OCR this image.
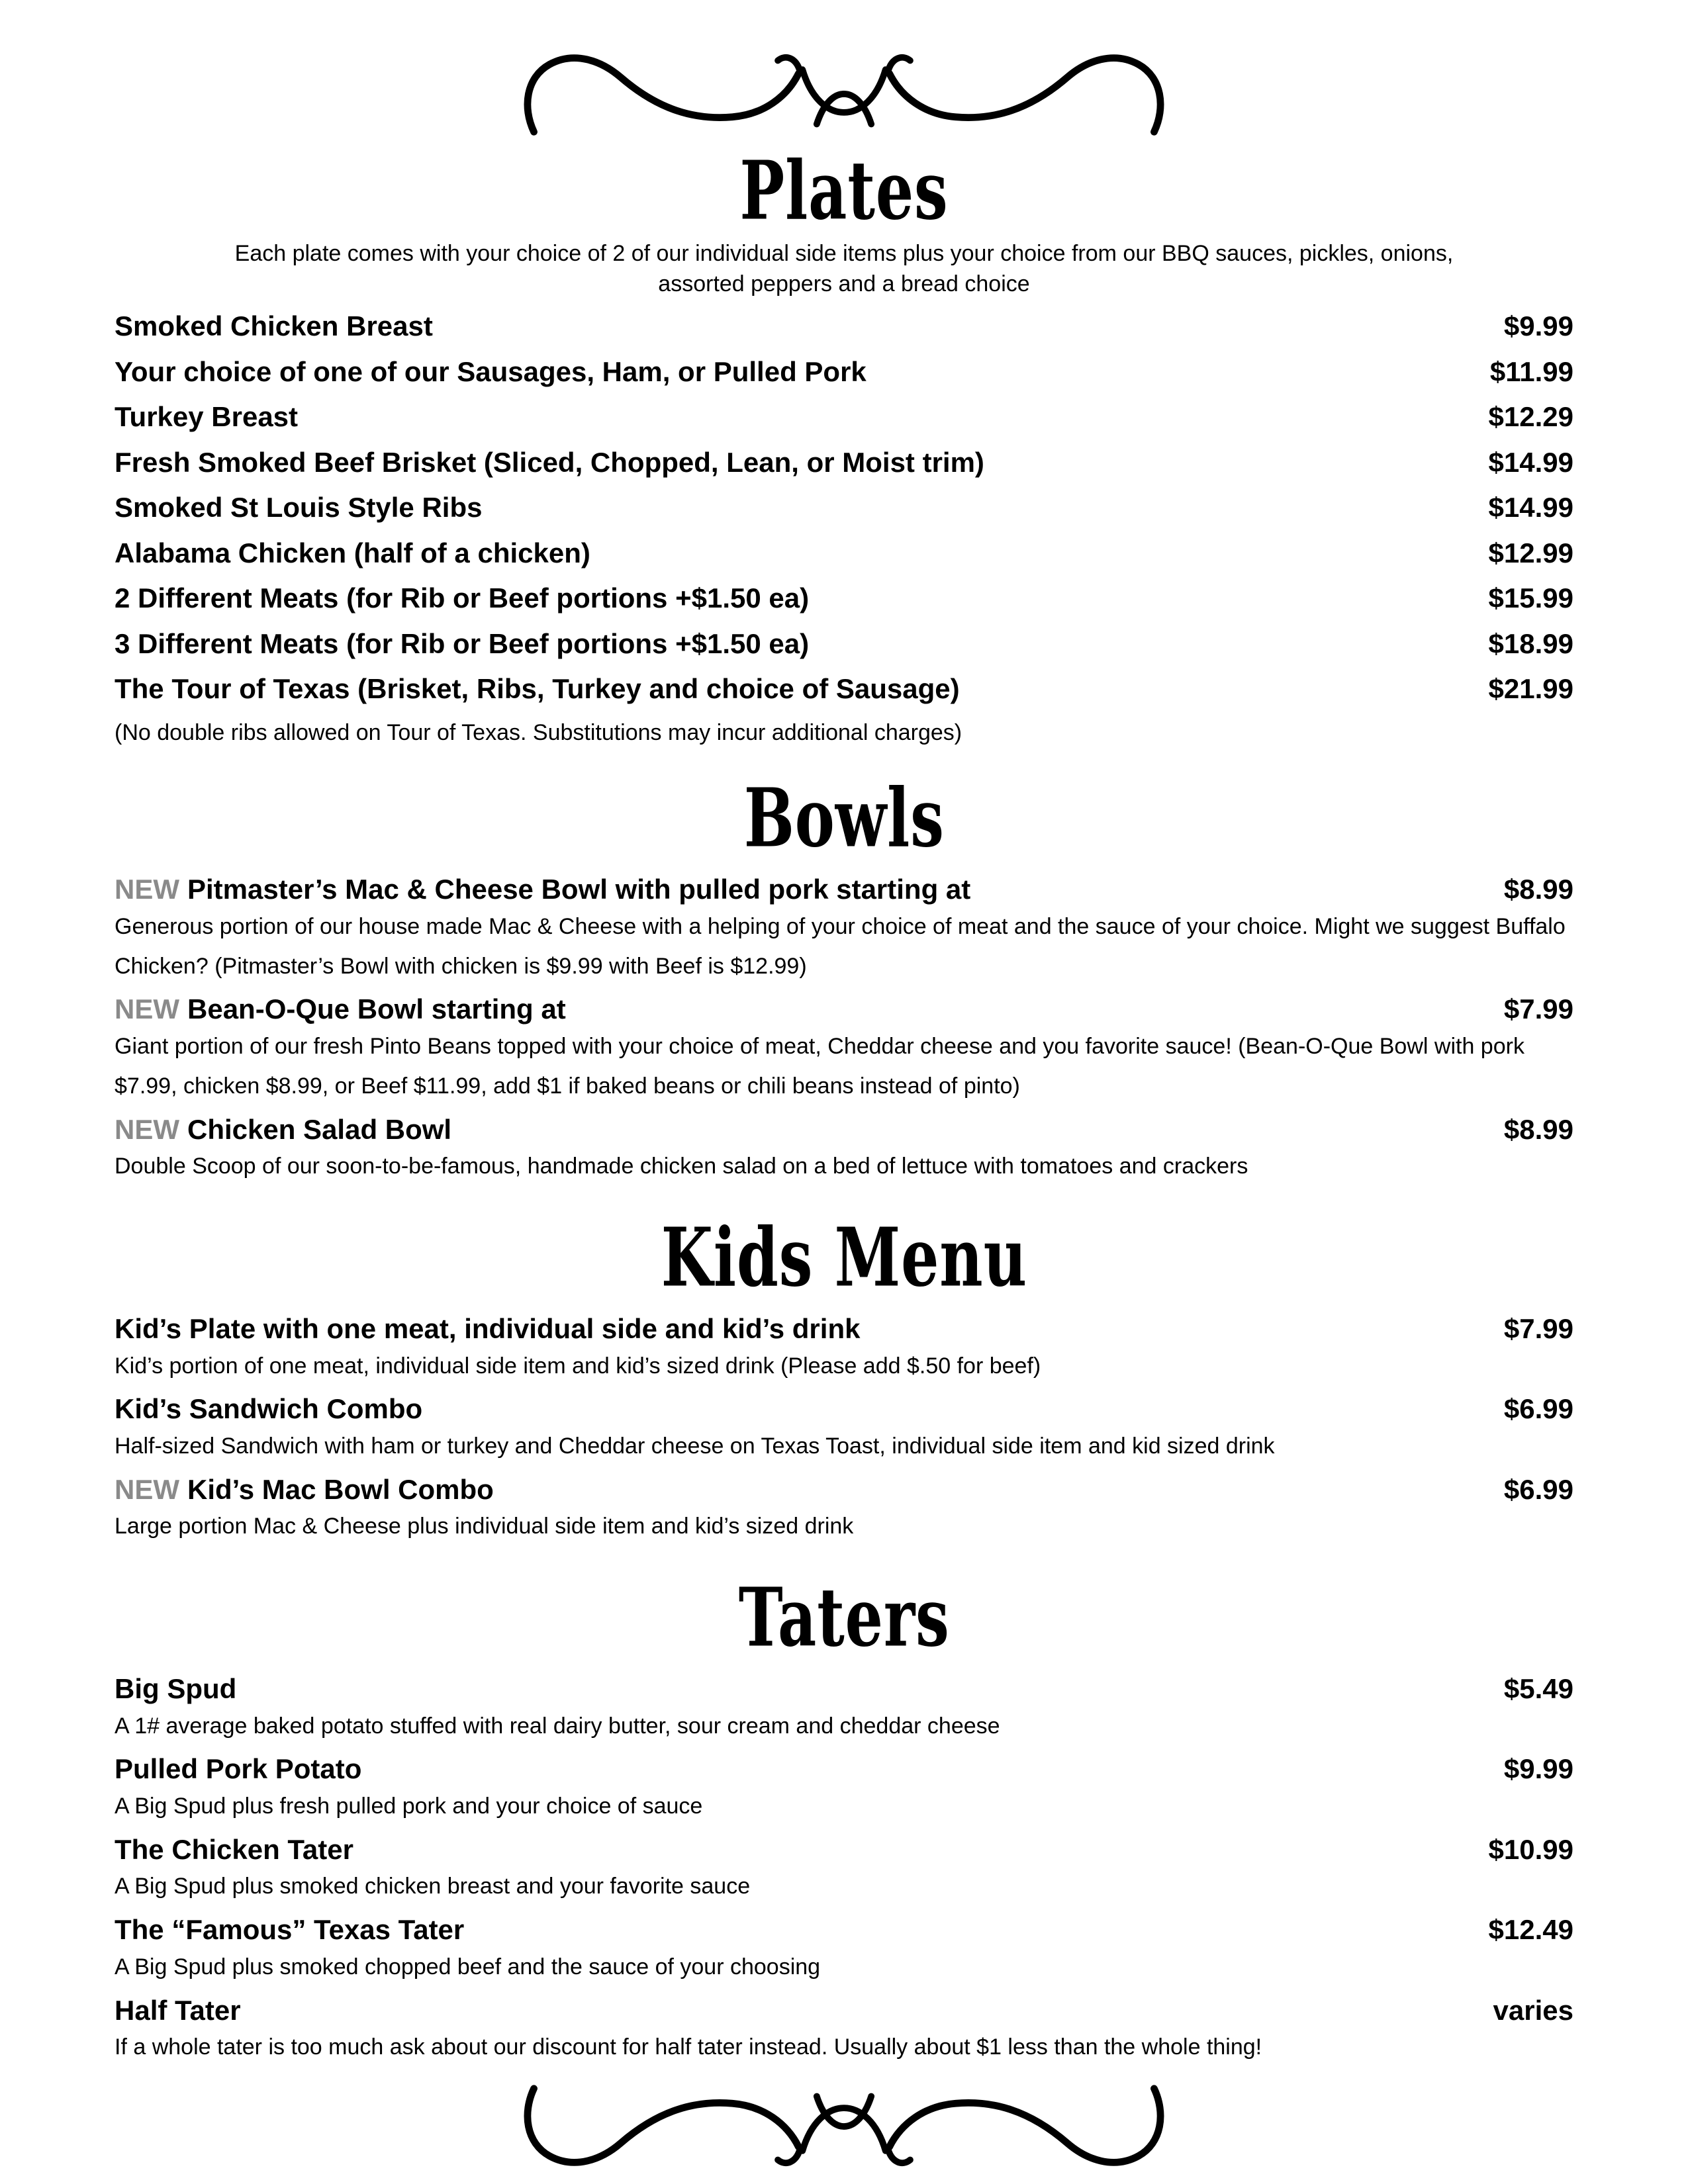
Plates

Each plate comes with your choice of 2 of our individual side items plus your choice from our BBQ sauces, pickles, onions, assorted peppers and a bread choice

Smoked Chicken Breast	$9.99
Your choice of one of our Sausages, Ham, or Pulled Pork	$11.99
Turkey Breast	$12.29
Fresh Smoked Beef Brisket (Sliced, Chopped, Lean, or Moist trim)	$14.99
Smoked St Louis Style Ribs	$14.99
Alabama Chicken (half of a chicken)	$12.99
2 Different Meats (for Rib or Beef portions +$1.50 ea)	$15.99
3 Different Meats (for Rib or Beef portions +$1.50 ea)	$18.99
The Tour of Texas (Brisket, Ribs, Turkey and choice of Sausage)	$21.99

(No double ribs allowed on Tour of Texas. Substitutions may incur additional charges)

Bowls
NEW Pitmaster’s Mac & Cheese Bowl with pulled pork starting at	$8.99

Generous portion of our house made Mac & Cheese with a helping of your choice of meat and the sauce of your choice. Might we suggest Buffalo Chicken? (Pitmaster’s Bowl with chicken is $9.99 with Beef is $12.99)

NEW Bean-O-Que Bowl starting at	$7.99

Giant portion of our fresh Pinto Beans topped with your choice of meat, Cheddar cheese and you favorite sauce! (Bean-O-Que Bowl with pork $7.99, chicken $8.99, or Beef $11.99, add $1 if baked beans or chili beans instead of pinto)

NEW Chicken Salad Bowl	$8.99

Double Scoop of our soon-to-be-famous, handmade chicken salad on a bed of lettuce with tomatoes and crackers

Kids Menu
Kid’s Plate with one meat, individual side and kid’s drink	$7.99

Kid’s portion of one meat, individual side item and kid’s sized drink (Please add $.50 for beef)

Kid’s Sandwich Combo	$6.99

Half-sized Sandwich with ham or turkey and Cheddar cheese on Texas Toast, individual side item and kid sized drink

NEW Kid’s Mac Bowl Combo	$6.99

Large portion Mac & Cheese plus individual side item and kid’s sized drink

Taters
Big Spud	$5.49

A 1# average baked potato stuffed with real dairy butter, sour cream and cheddar cheese

Pulled Pork Potato	$9.99

A Big Spud plus fresh pulled pork and your choice of sauce

The Chicken Tater	$10.99

A Big Spud plus smoked chicken breast and your favorite sauce

The “Famous” Texas Tater	$12.49

A Big Spud plus smoked chopped beef and the sauce of your choosing

Half Tater	varies

If a whole tater is too much ask about our discount for half tater instead. Usually about $1 less than the whole thing!
